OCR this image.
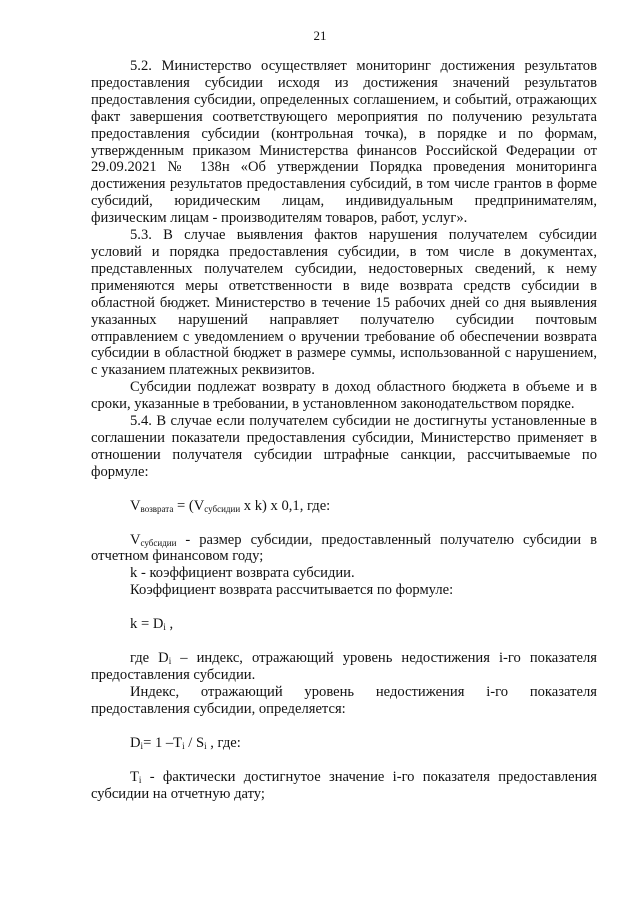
21

5.2. Министерство осуществляет мониторинг достижения результатов предоставления субсидии исходя из достижения значений результатов предоставления субсидии, определенных соглашением, и событий, отражающих факт завершения соответствующего мероприятия по получению результата предоставления субсидии (контрольная точка), в порядке и по формам, утвержденным приказом Министерства финансов Российской Федерации от 29.09.2021 № 138н «Об утверждении Порядка проведения мониторинга достижения результатов предоставления субсидий, в том числе грантов в форме субсидий, юридическим лицам, индивидуальным предпринимателям, физическим лицам - производителям товаров, работ, услуг».

5.3. В случае выявления фактов нарушения получателем субсидии условий и порядка предоставления субсидии, в том числе в документах, представленных получателем субсидии, недостоверных сведений, к нему применяются меры ответственности в виде возврата средств субсидии в областной бюджет. Министерство в течение 15 рабочих дней со дня выявления указанных нарушений направляет получателю субсидии почтовым отправлением с уведомлением о вручении требование об обеспечении возврата субсидии в областной бюджет в размере суммы, использованной с нарушением, с указанием платежных реквизитов.

Субсидии подлежат возврату в доход областного бюджета в объеме и в сроки, указанные в требовании, в установленном законодательством порядке.

5.4. В случае если получателем субсидии не достигнуты установленные в соглашении показатели предоставления субсидии, Министерство применяет в отношении получателя субсидии штрафные санкции, рассчитываемые по формуле:

$V_{возврата} = (V_{субсидии}$ x k) x 0,1, где:

$V_{субсидии}$ - размер субсидии, предоставленный получателю субсидии в отчетном финансовом году;

k - коэффициент возврата субсидии.

Коэффициент возврата рассчитывается по формуле:

$k = D_i$ ,

где $D_i$ – индекс, отражающий уровень недостижения i-го показателя предоставления субсидии.

Индекс, отражающий уровень недостижения i-го показателя предоставления субсидии, определяется:

$D_i= 1$ $-T_i / S_i$ , где:

$T_i$ - фактически достигнутое значение i-го показателя предоставления субсидии на отчетную дату;
